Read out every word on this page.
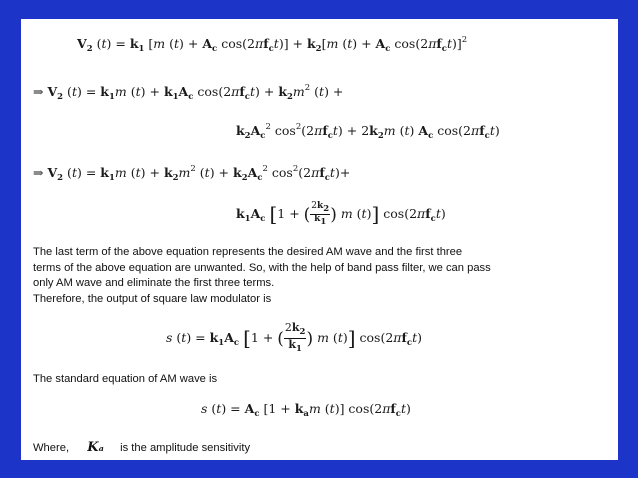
$V_2$ $(t) = k_1$ [m $(t) + A_c$ $\cos(2\pi f_ct)] + k_2[m$ $(t) + A_c$ $\cos(2\pi f_ct)]^2$
⇒ $V_2$ $(t) = k_1m$ $(t) + k_1A_c$ $\cos(2\pi f_ct) + k_2m^2$ (t) +
$k_2A_c^2$ $\cos^2(2\pi f_ct) + 2k_2m$ (t) $A_c$ $\cos(2\pi f_ct)$
⇒ $V_2$ $(t) = k_1m$ $(t) + k_2m^2$ $(t) + k_2A_c^2$ $\cos^2(2\pi f_ct)+$
$k_1A_c$ [1 + ( $\frac{2k2}{k1}$ ) m (t)] $\cos(2\pi f_ct)$
The last term of the above equation represents the desired AM wave and the first three
terms of the above equation are unwanted. So, with the help of band pass filter, we can pass
only AM wave and eliminate the first three terms.
Therefore, the output of square law modulator is
s $(t) = k_1A_c$ [1 + ( $\frac{2k_2}{k_1}$ ) m (t)] $\cos(2\pi f_ct)$
The standard equation of AM wave is
s $(t) = A_c$ [$1 + k_am$ (t)] $\cos(2\pi f_ct)$
Where, Kₐ is the amplitude sensitivity
